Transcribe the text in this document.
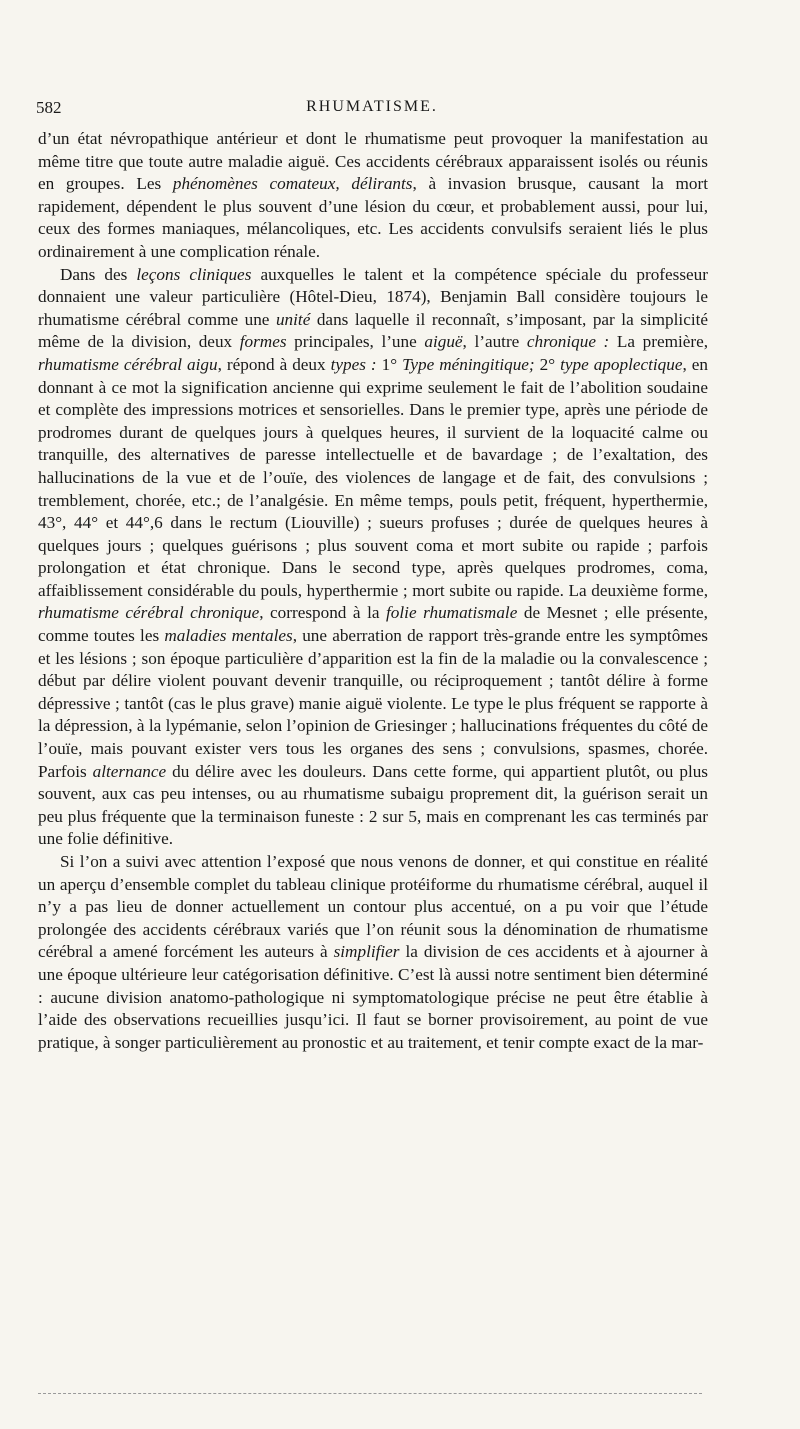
582	RHUMATISME.

d’un état névropathique antérieur et dont le rhumatisme peut provoquer la manifestation au même titre que toute autre maladie aiguë. Ces accidents cérébraux apparaissent isolés ou réunis en groupes. Les phénomènes comateux, délirants, à invasion brusque, causant la mort rapidement, dépendent le plus souvent d’une lésion du cœur, et probablement aussi, pour lui, ceux des formes maniaques, mélancoliques, etc. Les accidents convulsifs seraient liés le plus ordinairement à une complication rénale.

Dans des leçons cliniques auxquelles le talent et la compétence spéciale du professeur donnaient une valeur particulière (Hôtel-Dieu, 1874), Benjamin Ball considère toujours le rhumatisme cérébral comme une unité dans laquelle il reconnaît, s’imposant, par la simplicité même de la division, deux formes principales, l’une aiguë, l’autre chronique : La première, rhumatisme cérébral aigu, répond à deux types : 1° Type méningitique; 2° type apoplectique, en donnant à ce mot la signification ancienne qui exprime seulement le fait de l’abolition soudaine et complète des impressions motrices et sensorielles. Dans le premier type, après une période de prodromes durant de quelques jours à quelques heures, il survient de la loquacité calme ou tranquille, des alternatives de paresse intellectuelle et de bavardage ; de l’exaltation, des hallucinations de la vue et de l’ouïe, des violences de langage et de fait, des convulsions ; tremblement, chorée, etc.; de l’analgésie. En même temps, pouls petit, fréquent, hyperthermie, 43°, 44° et 44°,6 dans le rectum (Liouville) ; sueurs profuses ; durée de quelques heures à quelques jours ; quelques guérisons ; plus souvent coma et mort subite ou rapide ; parfois prolongation et état chronique. Dans le second type, après quelques prodromes, coma, affaiblissement considérable du pouls, hyperthermie ; mort subite ou rapide. La deuxième forme, rhumatisme cérébral chronique, correspond à la folie rhumatismale de Mesnet ; elle présente, comme toutes les maladies mentales, une aberration de rapport très-grande entre les symptômes et les lésions ; son époque particulière d’apparition est la fin de la maladie ou la convalescence ; début par délire violent pouvant devenir tranquille, ou réciproquement ; tantôt délire à forme dépressive ; tantôt (cas le plus grave) manie aiguë violente. Le type le plus fréquent se rapporte à la dépression, à la lypémanie, selon l’opinion de Griesinger ; hallucinations fréquentes du côté de l’ouïe, mais pouvant exister vers tous les organes des sens ; convulsions, spasmes, chorée. Parfois alternance du délire avec les douleurs. Dans cette forme, qui appartient plutôt, ou plus souvent, aux cas peu intenses, ou au rhumatisme subaigu proprement dit, la guérison serait un peu plus fréquente que la terminaison funeste : 2 sur 5, mais en comprenant les cas terminés par une folie définitive.

Si l’on a suivi avec attention l’exposé que nous venons de donner, et qui constitue en réalité un aperçu d’ensemble complet du tableau clinique protéiforme du rhumatisme cérébral, auquel il n’y a pas lieu de donner actuellement un contour plus accentué, on a pu voir que l’étude prolongée des accidents cérébraux variés que l’on réunit sous la dénomination de rhumatisme cérébral a amené forcément les auteurs à simplifier la division de ces accidents et à ajourner à une époque ultérieure leur catégorisation définitive. C’est là aussi notre sentiment bien déterminé : aucune division anatomo-pathologique ni symptomatologique précise ne peut être établie à l’aide des observations recueillies jusqu’ici. Il faut se borner provisoirement, au point de vue pratique, à songer particulièrement au pronostic et au traitement, et tenir compte exact de la mar-
